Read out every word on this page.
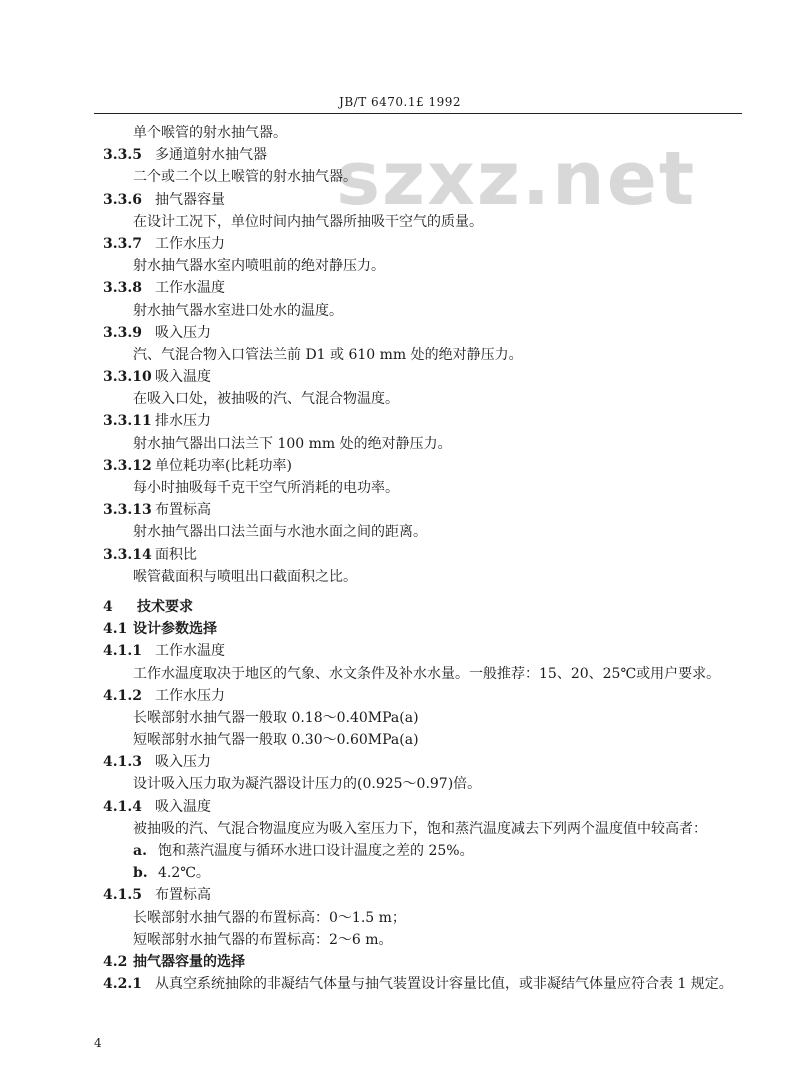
JB/T 6470.1£ 1992
szxz.net
单个喉管的射水抽气器。
3.3.5 多通道射水抽气器
二个或二个以上喉管的射水抽气器。
3.3.6 抽气器容量
在设计工况下，单位时间内抽气器所抽吸干空气的质量。
3.3.7 工作水压力
射水抽气器水室内喷咀前的绝对静压力。
3.3.8 工作水温度
射水抽气器水室进口处水的温度。
3.3.9 吸入压力
汽、气混合物入口管法兰前 D1 或 610 mm 处的绝对静压力。
3.3.10 吸入温度
在吸入口处，被抽吸的汽、气混合物温度。
3.3.11 排水压力
射水抽气器出口法兰下 100 mm 处的绝对静压力。
3.3.12 单位耗功率(比耗功率)
每小时抽吸每千克干空气所消耗的电功率。
3.3.13 布置标高
射水抽气器出口法兰面与水池水面之间的距离。
3.3.14 面积比
喉管截面积与喷咀出口截面积之比。
4 技术要求
4.1 设计参数选择
4.1.1 工作水温度
工作水温度取决于地区的气象、水文条件及补水水量。一般推荐：15、20、25℃或用户要求。
4.1.2 工作水压力
长喉部射水抽气器一般取 0.18～0.40MPa(a)
短喉部射水抽气器一般取 0.30～0.60MPa(a)
4.1.3 吸入压力
设计吸入压力取为凝汽器设计压力的(0.925～0.97)倍。
4.1.4 吸入温度
被抽吸的汽、气混合物温度应为吸入室压力下，饱和蒸汽温度减去下列两个温度值中较高者：
a. 饱和蒸汽温度与循环水进口设计温度之差的 25%。
b. 4.2℃。
4.1.5 布置标高
长喉部射水抽气器的布置标高：0～1.5 m；
短喉部射水抽气器的布置标高：2～6 m。
4.2 抽气器容量的选择
4.2.1 从真空系统抽除的非凝结气体量与抽气装置设计容量比值，或非凝结气体量应符合表 1 规定。
4
